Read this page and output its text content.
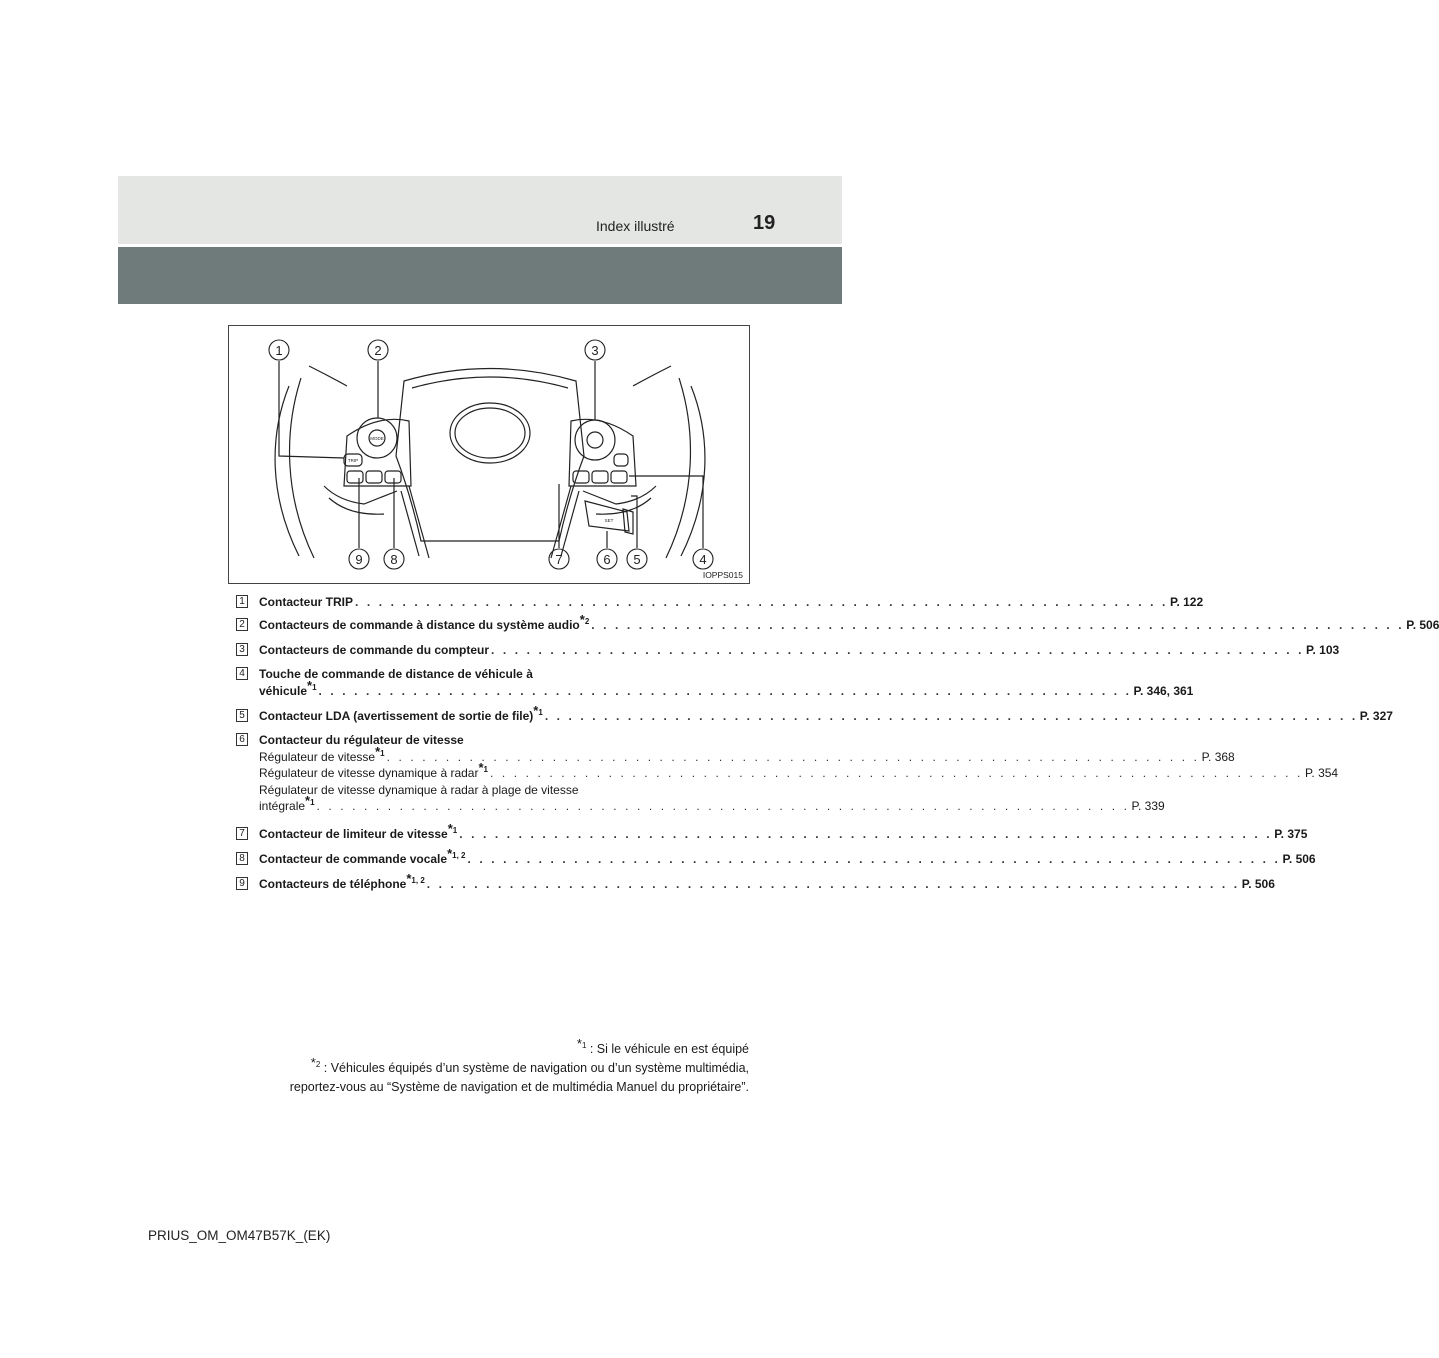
Index illustré	19
1	2	3
9 8	7	6 5	4
MODE
TRIP
SET
IOPPS015
1 Contacteur TRIP . . . . . . . . . . . . . . . . . . . . . . . . . . . . . . . . . . . . . . . . . . . . . . . . . . . . . . . . . . . . . . . . . . . . . P. 122
2 Contacteurs de commande à distance du système audio$^{*2}$ . . . . . . . . . . . . . . . . . . . . . . . . . . . . . . . . . . . . . . . . . . . . . . . . . . . . . . . . . . . . . . . . . . . . . P. 506
3 Contacteurs de commande du compteur . . . . . . . . . . . . . . . . . . . . . . . . . . . . . . . . . . . . . . . . . . . . . . . . . . . . . . . . . . . . . . . . . . . . . P. 103
4 Touche de commande de distance de véhicule à
véhicule$^{*1}$ . . . . . . . . . . . . . . . . . . . . . . . . . . . . . . . . . . . . . . . . . . . . . . . . . . . . . . . . . . . . . . . . . . . . . P. 346, 361
5 Contacteur LDA (avertissement de sortie de file)$^{*1}$ . . . . . . . . . . . . . . . . . . . . . . . . . . . . . . . . . . . . . . . . . . . . . . . . . . . . . . . . . . . . . . . . . . . . . P. 327
6 Contacteur du régulateur de vitesse
Régulateur de vitesse$^{*1}$ . . . . . . . . . . . . . . . . . . . . . . . . . . . . . . . . . . . . . . . . . . . . . . . . . . . . . . . . . . . . . . . . . . . . . P. 368
Régulateur de vitesse dynamique à radar$^{*1}$ . . . . . . . . . . . . . . . . . . . . . . . . . . . . . . . . . . . . . . . . . . . . . . . . . . . . . . . . . . . . . . . . . . . . . P. 354
Régulateur de vitesse dynamique à radar à plage de vitesse
intégrale$^{*1}$ . . . . . . . . . . . . . . . . . . . . . . . . . . . . . . . . . . . . . . . . . . . . . . . . . . . . . . . . . . . . . . . . . . . . . P. 339
7 Contacteur de limiteur de vitesse$^{*1}$ . . . . . . . . . . . . . . . . . . . . . . . . . . . . . . . . . . . . . . . . . . . . . . . . . . . . . . . . . . . . . . . . . . . . . P. 375
8 Contacteur de commande vocale$^{*1, 2}$ . . . . . . . . . . . . . . . . . . . . . . . . . . . . . . . . . . . . . . . . . . . . . . . . . . . . . . . . . . . . . . . . . . . . . P. 506
9 Contacteurs de téléphone$^{*1, 2}$ . . . . . . . . . . . . . . . . . . . . . . . . . . . . . . . . . . . . . . . . . . . . . . . . . . . . . . . . . . . . . . . . . . . . . P. 506
$^{*1}$ : Si le véhicule en est équipé
$^{*2}$ : Véhicules équipés d’un système de navigation ou d’un système multimédia,
reportez-vous au “Système de navigation et de multimédia Manuel du propriétaire”.
PRIUS_OM_OM47B57K_(EK)
